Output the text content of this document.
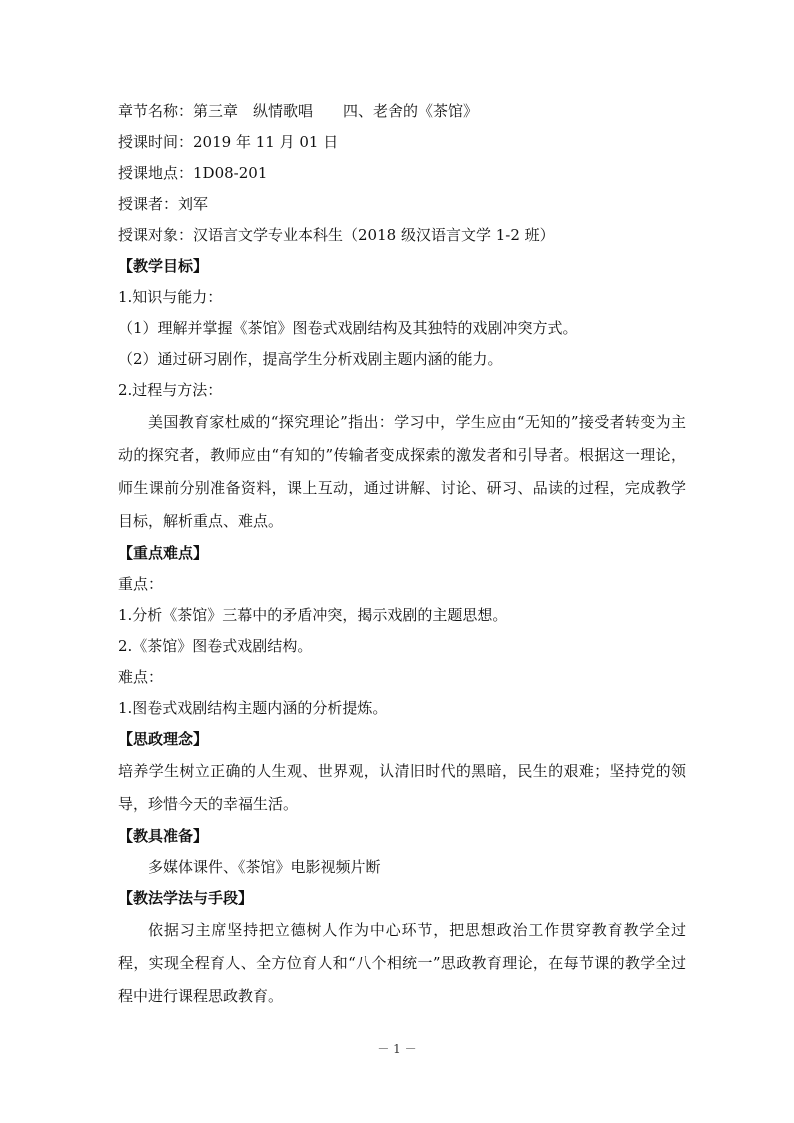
章节名称：第三章　纵情歌唱　　四、老舍的《茶馆》
授课时间：2019 年 11 月 01 日
授课地点：1D08-201
授课者：刘军
授课对象：汉语言文学专业本科生（2018 级汉语言文学 1-2 班）
【教学目标】
1.知识与能力：
（1）理解并掌握《茶馆》图卷式戏剧结构及其独特的戏剧冲突方式。
（2）通过研习剧作，提高学生分析戏剧主题内涵的能力。
2.过程与方法：

美国教育家杜威的“探究理论”指出：学习中，学生应由“无知的”接受者转变为主动的探究者，教师应由“有知的”传输者变成探索的激发者和引导者。根据这一理论，师生课前分别准备资料，课上互动，通过讲解、讨论、研习、品读的过程，完成教学目标，解析重点、难点。

【重点难点】
重点：
1.分析《茶馆》三幕中的矛盾冲突，揭示戏剧的主题思想。
2.《茶馆》图卷式戏剧结构。
难点：
1.图卷式戏剧结构主题内涵的分析提炼。
【思政理念】

培养学生树立正确的人生观、世界观，认清旧时代的黑暗，民生的艰难；坚持党的领导，珍惜今天的幸福生活。

【教具准备】
多媒体课件、《茶馆》电影视频片断
【教法学法与手段】

依据习主席坚持把立德树人作为中心环节，把思想政治工作贯穿教育教学全过程，实现全程育人、全方位育人和“八个相统一”思政教育理论，在每节课的教学全过程中进行课程思政教育。

－ 1 －
